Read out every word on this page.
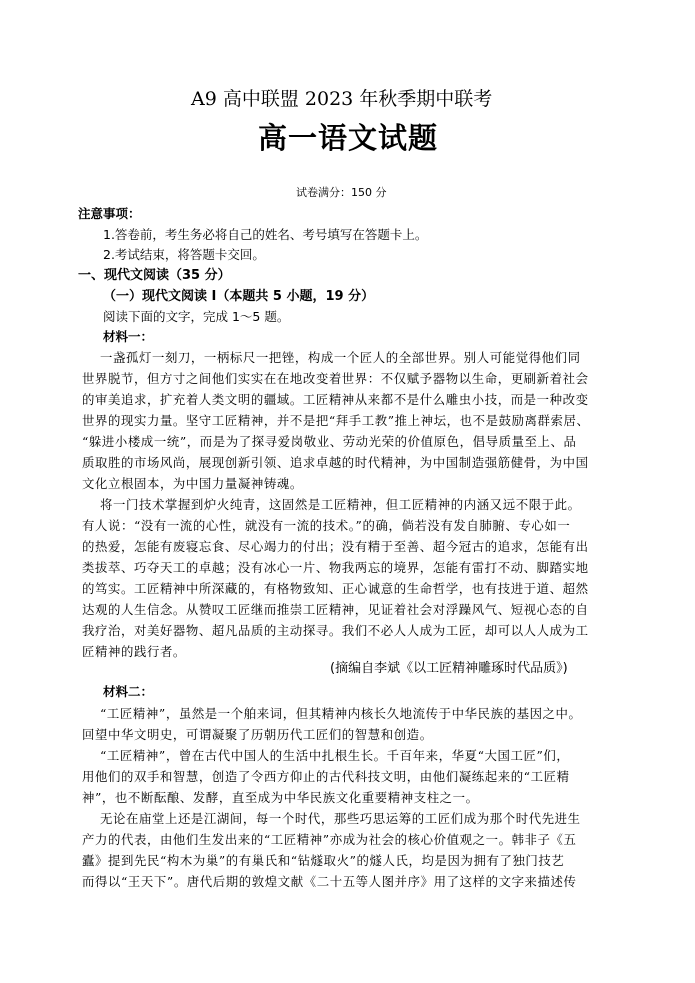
A9 高中联盟 2023 年秋季期中联考
高一语文试题
试卷满分：150 分
注意事项：
1.答卷前，考生务必将自己的姓名、考号填写在答题卡上。
2.考试结束，将答题卡交回。
一、现代文阅读（35 分）
（一）现代文阅读 I（本题共 5 小题，19 分）
阅读下面的文字，完成 1～5 题。
材料一：
一盏孤灯一刻刀，一柄标尺一把锉，构成一个匠人的全部世界。别人可能觉得他们同
世界脱节，但方寸之间他们实实在在地改变着世界：不仅赋予器物以生命，更刷新着社会
的审美追求，扩充着人类文明的疆域。工匠精神从来都不是什么雕虫小技，而是一种改变
世界的现实力量。坚守工匠精神，并不是把“拜手工教”推上神坛，也不是鼓励离群索居、
“躲进小楼成一统”，而是为了探寻爱岗敬业、劳动光荣的价值原色，倡导质量至上、品
质取胜的市场风尚，展现创新引领、追求卓越的时代精神，为中国制造强筋健骨，为中国
文化立根固本，为中国力量凝神铸魂。
将一门技术掌握到炉火纯青，这固然是工匠精神，但工匠精神的内涵又远不限于此。
有人说：“没有一流的心性，就没有一流的技术。”的确，倘若没有发自肺腑、专心如一
的热爱，怎能有废寝忘食、尽心竭力的付出；没有精于至善、超今冠古的追求，怎能有出
类拔萃、巧夺天工的卓越；没有冰心一片、物我两忘的境界，怎能有雷打不动、脚踏实地
的笃实。工匠精神中所深藏的，有格物致知、正心诚意的生命哲学，也有技进于道、超然
达观的人生信念。从赞叹工匠继而推崇工匠精神，见证着社会对浮躁风气、短视心态的自
我疗治，对美好器物、超凡品质的主动探寻。我们不必人人成为工匠，却可以人人成为工
匠精神的践行者。
(摘编自李斌《以工匠精神雕琢时代品质》)
材料二：
“工匠精神”，虽然是一个舶来词，但其精神内核长久地流传于中华民族的基因之中。
回望中华文明史，可谓凝聚了历朝历代工匠们的智慧和创造。
“工匠精神”，曾在古代中国人的生活中扎根生长。千百年来，华夏“大国工匠”们，
用他们的双手和智慧，创造了令西方仰止的古代科技文明，由他们凝练起来的“工匠精
神”，也不断酝酿、发酵，直至成为中华民族文化重要精神支柱之一。
无论在庙堂上还是江湖间，每一个时代，那些巧思运筹的工匠们成为那个时代先进生
产力的代表，由他们生发出来的“工匠精神”亦成为社会的核心价值观之一。韩非子《五
蠹》提到先民“构木为巢”的有巢氏和“钻燧取火”的燧人氏，均是因为拥有了独门技艺
而得以“王天下”。唐代后期的敦煌文献《二十五等人图并序》用了这样的文字来描述传
